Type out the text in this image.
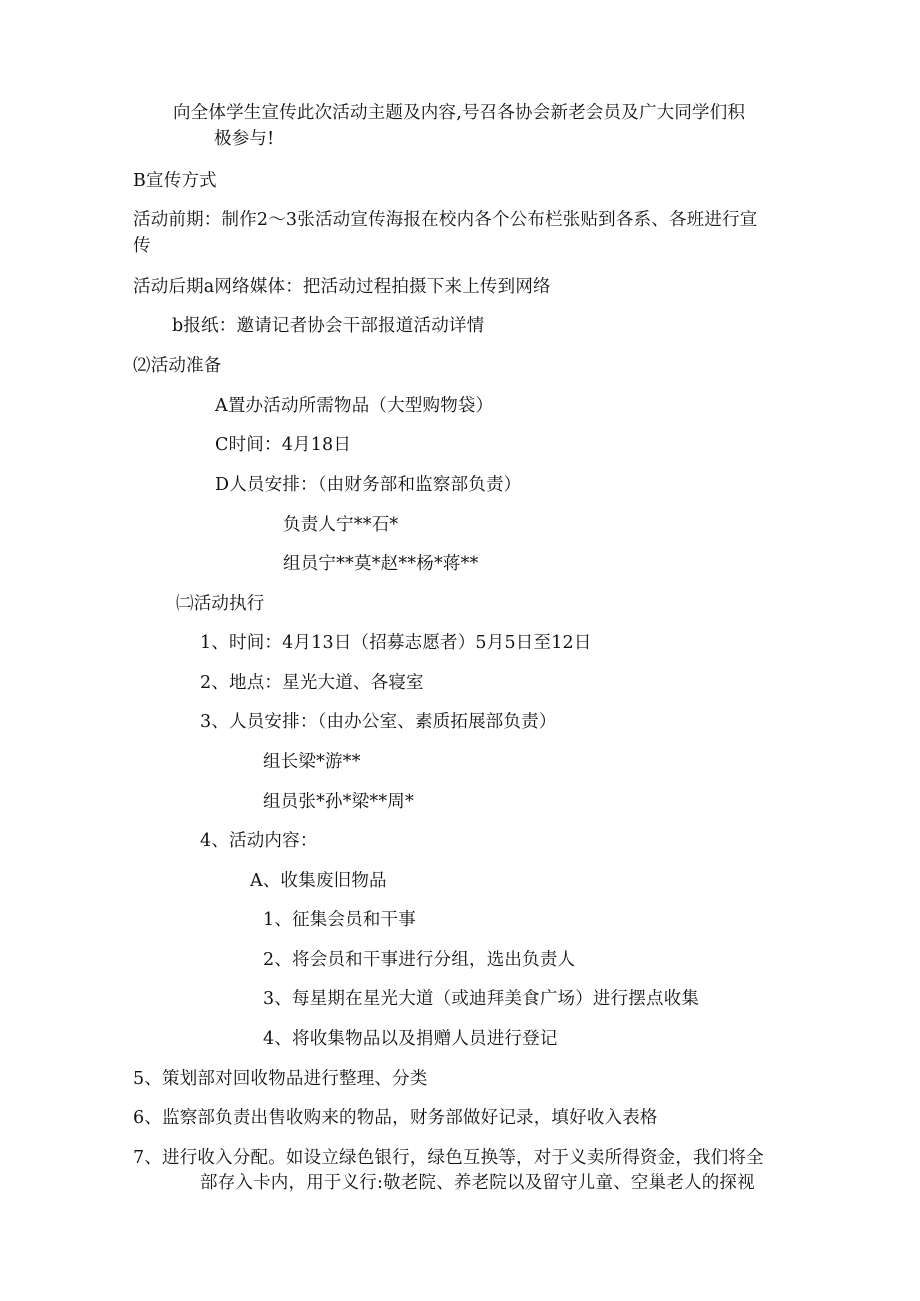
向全体学生宣传此次活动主题及内容,号召各协会新老会员及广大同学们积
极参与!
B宣传方式
活动前期：制作2～3张活动宣传海报在校内各个公布栏张贴到各系、各班进行宣
传
活动后期a网络媒体：把活动过程拍摄下来上传到网络
b报纸：邀请记者协会干部报道活动详情
⑵活动准备
A置办活动所需物品（大型购物袋）
C时间：4月18日
D人员安排：（由财务部和监察部负责）
负责人宁**石*
组员宁**莫*赵**杨*蒋**
㈡活动执行
1、时间：4月13日（招募志愿者）5月5日至12日
2、地点：星光大道、各寝室
3、人员安排：（由办公室、素质拓展部负责）
组长梁*游**
组员张*孙*梁**周*
4、活动内容：
A、收集废旧物品
1、征集会员和干事
2、将会员和干事进行分组，选出负责人
3、每星期在星光大道（或迪拜美食广场）进行摆点收集
4、将收集物品以及捐赠人员进行登记
5、策划部对回收物品进行整理、分类
6、监察部负责出售收购来的物品，财务部做好记录，填好收入表格
7、进行收入分配。如设立绿色银行，绿色互换等，对于义卖所得资金，我们将全
部存入卡内，用于义行:敬老院、养老院以及留守儿童、空巢老人的探视
